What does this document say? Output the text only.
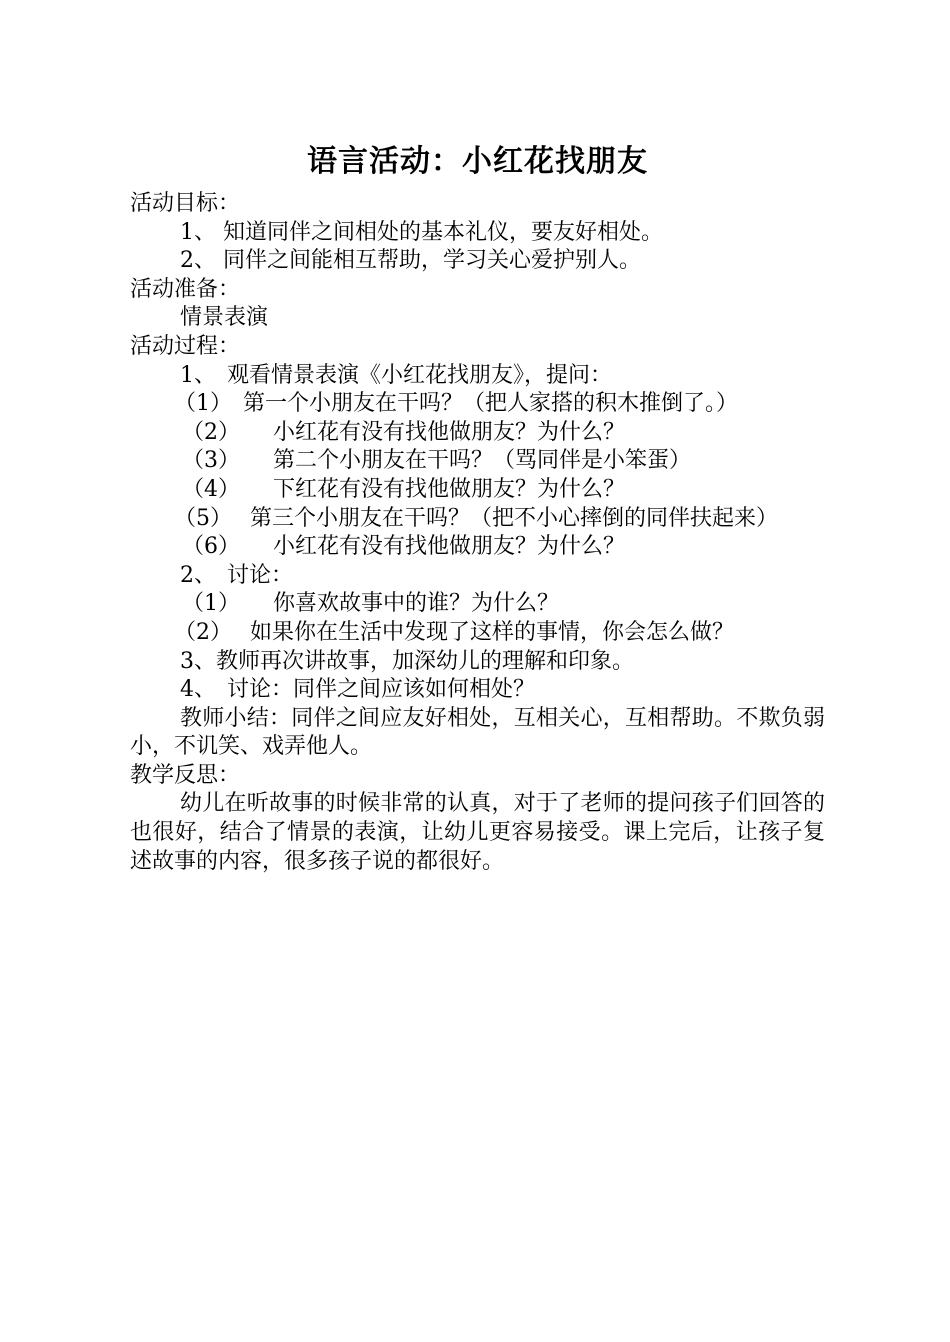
语言活动：小红花找朋友
活动目标：
1、 知道同伴之间相处的基本礼仪，要友好相处。
2、 同伴之间能相互帮助，学习关心爱护别人。
活动准备：
情景表演
活动过程：
1、　观看情景表演《小红花找朋友》，提问：
（1）　第一个小朋友在干吗？（把人家搭的积木推倒了。）
（2）　　小红花有没有找他做朋友？为什么？
（3）　　第二个小朋友在干吗？（骂同伴是小笨蛋）
（4）　　下红花有没有找他做朋友？为什么？
（5）　 第三个小朋友在干吗？（把不小心摔倒的同伴扶起来）
（6）　　小红花有没有找他做朋友？为什么？
2、　讨论：
（1）　　你喜欢故事中的谁？为什么？
（2）　 如果你在生活中发现了这样的事情，你会怎么做？
3、教师再次讲故事，加深幼儿的理解和印象。
4、　讨论：同伴之间应该如何相处？
教师小结：同伴之间应友好相处，互相关心，互相帮助。不欺负弱小，不讥笑、戏弄他人。
教学反思：
幼儿在听故事的时候非常的认真，对于了老师的提问孩子们回答的也很好，结合了情景的表演，让幼儿更容易接受。课上完后，让孩子复述故事的内容，很多孩子说的都很好。
